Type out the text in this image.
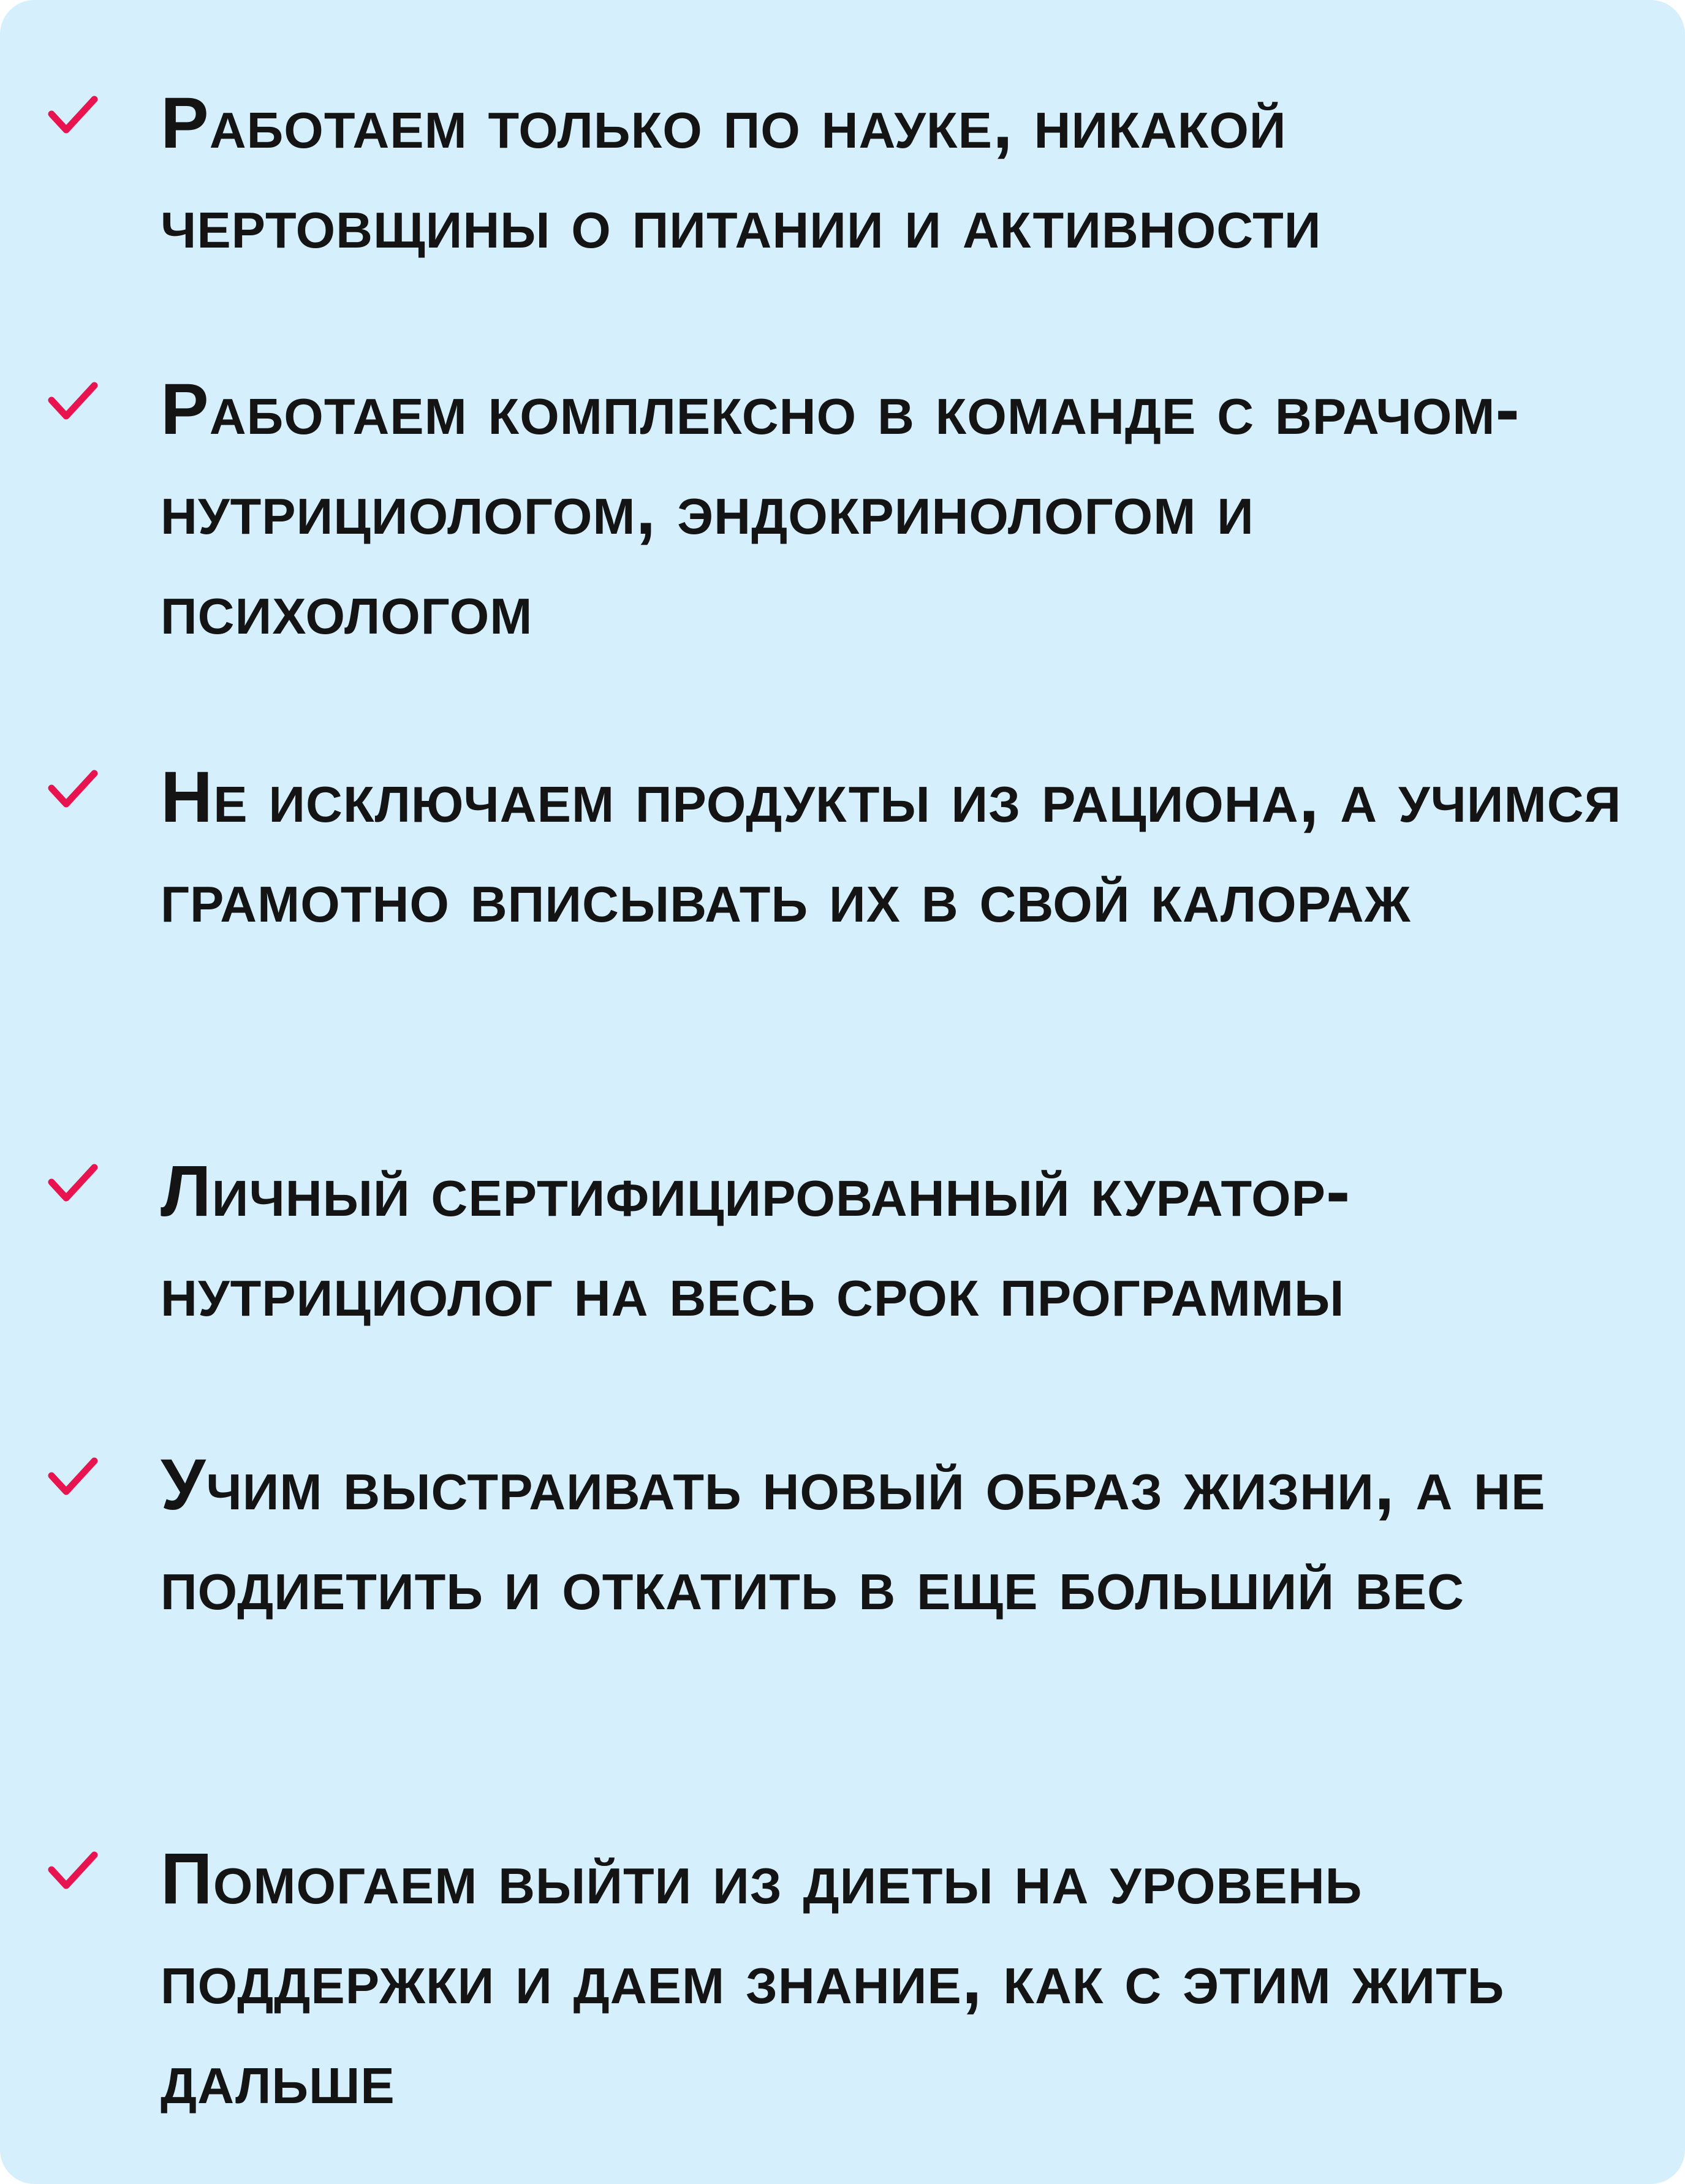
Работаем только по науке, никакой чертовщины о питании и активности

Работаем комплексно в команде с врачом-нутрициологом, эндокринологом и психологом

Не исключаем продукты из рациона, а учимся грамотно вписывать их в свой калораж

Личный сертифицированный куратор-нутрициолог на весь срок программы

Учим выстраивать новый образ жизни, а не подиетить и откатить в еще больший вес

Помогаем выйти из диеты на уровень поддержки и даем знание, как с этим жить дальше
